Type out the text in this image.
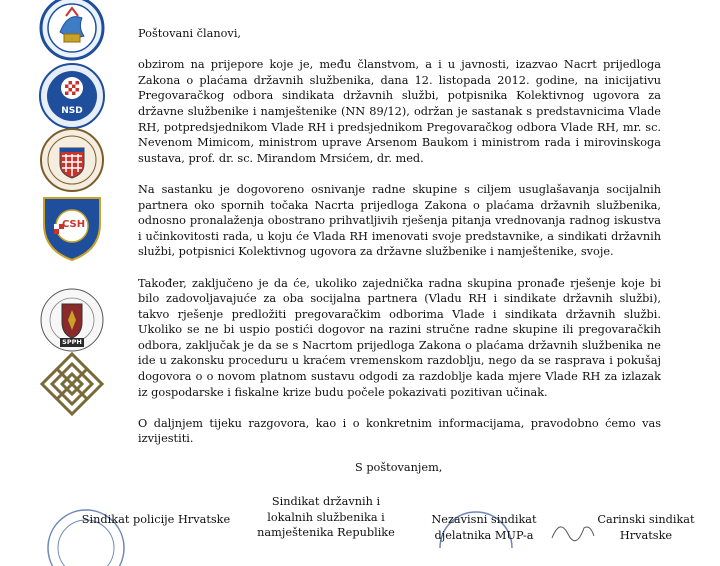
NSD
CSH
SPPH

Poštovani članovi,

obzirom na prijepore koje je, među članstvom, a i u javnosti, izazvao Nacrt prijedloga Zakona o plaćama državnih službenika, dana 12. listopada 2012. godine, na inicijativu Pregovaračkog odbora sindikata državnih službi, potpisnika Kolektivnog ugovora za državne službenike i namještenike (NN 89/12), održan je sastanak s predstavnicima Vlade RH, potpredsjednikom Vlade RH i predsjednikom Pregovaračkog odbora Vlade RH, mr. sc. Nevenom Mimicom, ministrom uprave Arsenom Baukom i ministrom rada i mirovinskoga sustava, prof. dr. sc. Mirandom Mrsićem, dr. med.

Na sastanku je dogovoreno osnivanje radne skupine s ciljem usuglašavanja socijalnih partnera oko spornih točaka Nacrta prijedloga Zakona o plaćama državnih službenika, odnosno pronalaženja obostrano prihvatljivih rješenja pitanja vrednovanja radnog iskustva i učinkovitosti rada, u koju će Vlada RH imenovati svoje predstavnike, a sindikati državnih službi, potpisnici Kolektivnog ugovora za državne službenike i namještenike, svoje.

Također, zaključeno je da će, ukoliko zajednička radna skupina pronađe rješenje koje bi bilo zadovoljavajuće za oba socijalna partnera (Vladu RH i sindikate državnih službi), takvo rješenje predložiti pregovaračkim odborima Vlade i sindikata državnih službi. Ukoliko se ne bi uspio postići dogovor na razini stručne radne skupine ili pregovaračkih odbora, zaključak je da se s Nacrtom prijedloga Zakona o plaćama državnih službenika ne ide u zakonsku proceduru u kraćem vremenskom razdoblju, nego da se rasprava i pokušaj dogovora o o novom platnom sustavu odgodi za razdoblje kada mjere Vlade RH za izlazak iz gospodarske i fiskalne krize budu počele pokazivati pozitivan učinak.

O daljnjem tijeku razgovora, kao i o konkretnim informacijama, pravodobno ćemo vas izvijestiti.

S poštovanjem,
Sindikat policije Hrvatske
Sindikat državnih i
lokalnih službenika i
namještenika Republike
Nezavisni sindikat
djelatnika MUP-a
Carinski sindikat
Hrvatske
